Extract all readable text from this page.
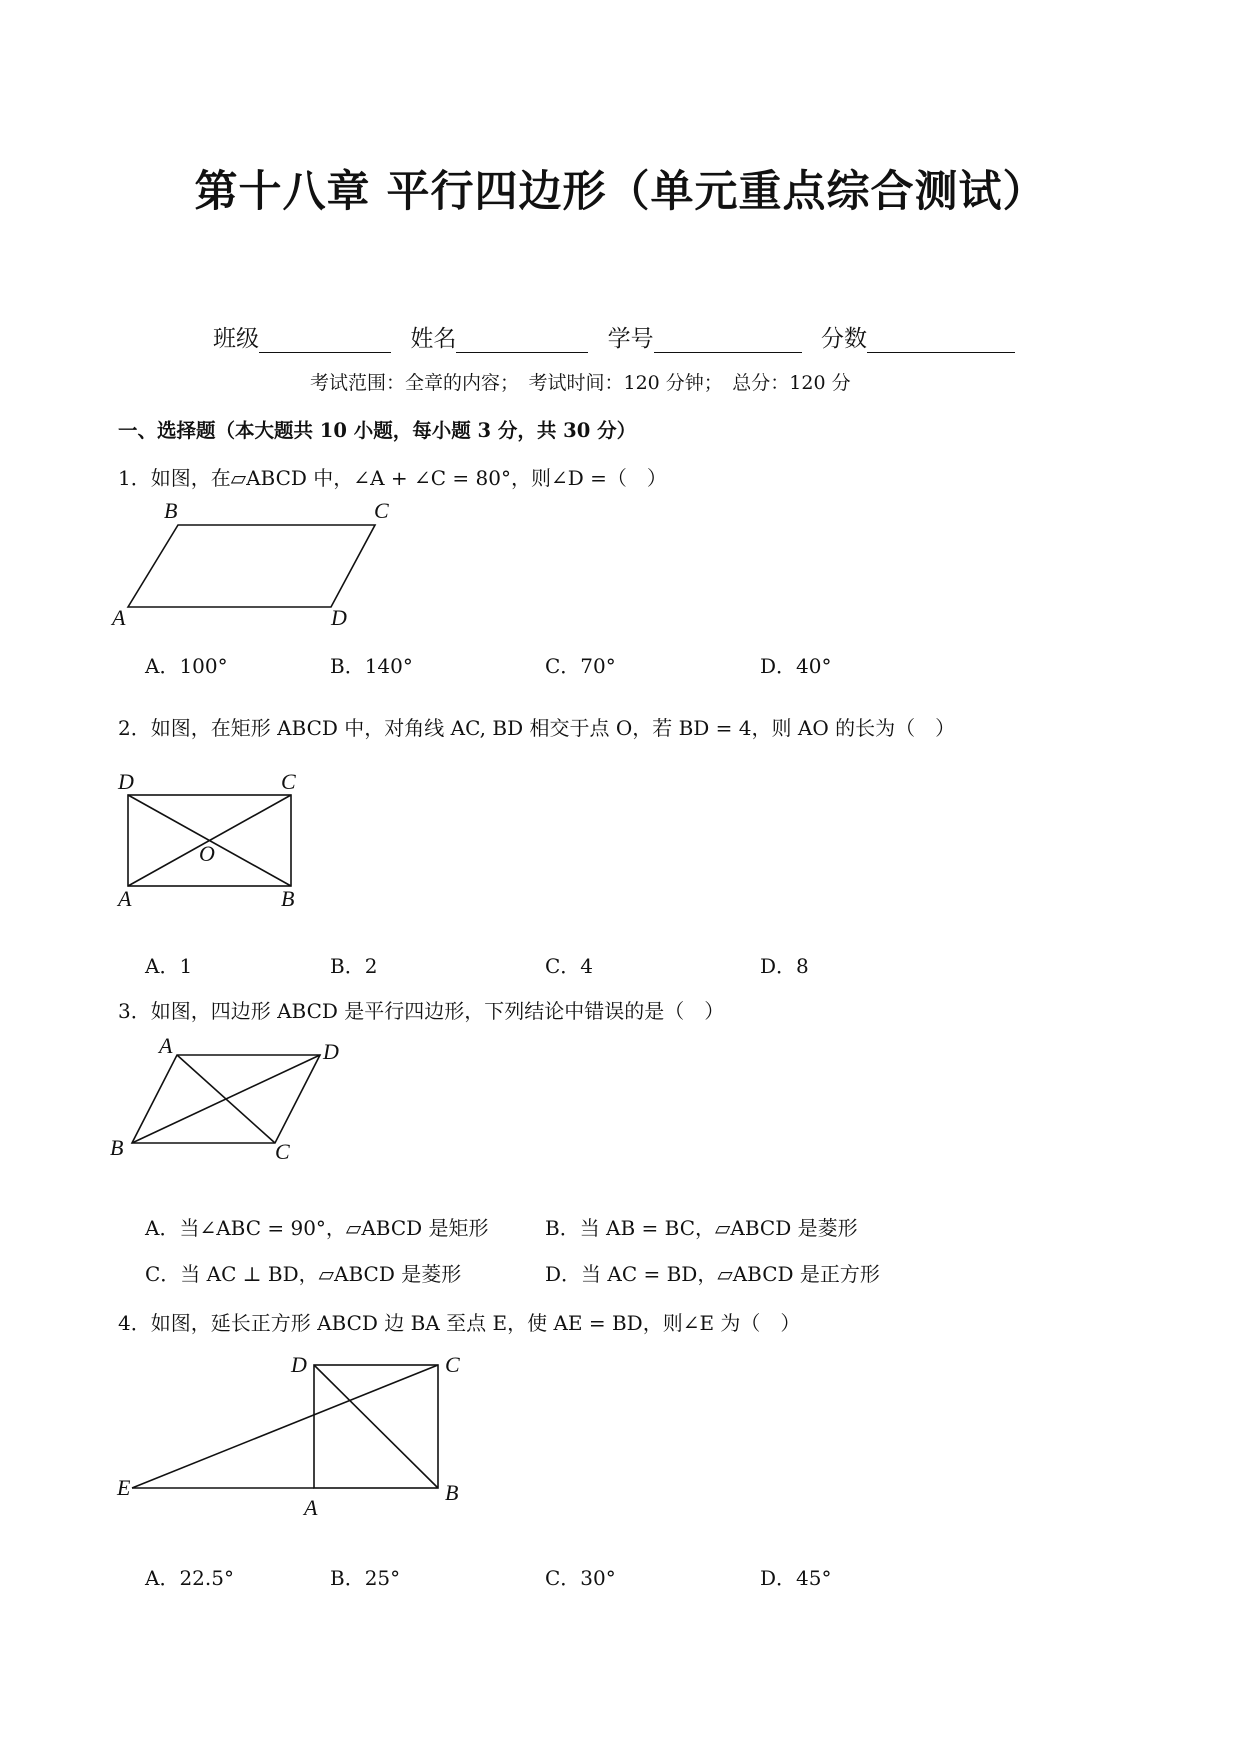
第十八章 平行四边形（单元重点综合测试）
班级	姓名	学号	分数
考试范围：全章的内容；　考试时间：120 分钟；　总分：120 分
一、选择题（本大题共 10 小题，每小题 3 分，共 30 分）
1．如图，在▱ABCD 中，∠A + ∠C = 80°，则∠D =（　）
A
B	C
D
A．100°	B．140°	C．70°	D．40°
2．如图，在矩形 ABCD 中，对角线 AC, BD 相交于点 O，若 BD = 4，则 AO 的长为（　）
A	B
C
D
O
A．1	B．2	C．4	D．8
3．如图，四边形 ABCD 是平行四边形，下列结论中错误的是（　）
A
B	C
D
A．当∠ABC = 90°，▱ABCD 是矩形	B．当 AB = BC，▱ABCD 是菱形
C．当 AC ⊥ BD，▱ABCD 是菱形	D．当 AC = BD，▱ABCD 是正方形
4．如图，延长正方形 ABCD 边 BA 至点 E，使 AE = BD，则∠E 为（　）
A
B
C
D
E
A．22.5°	B．25°	C．30°	D．45°
